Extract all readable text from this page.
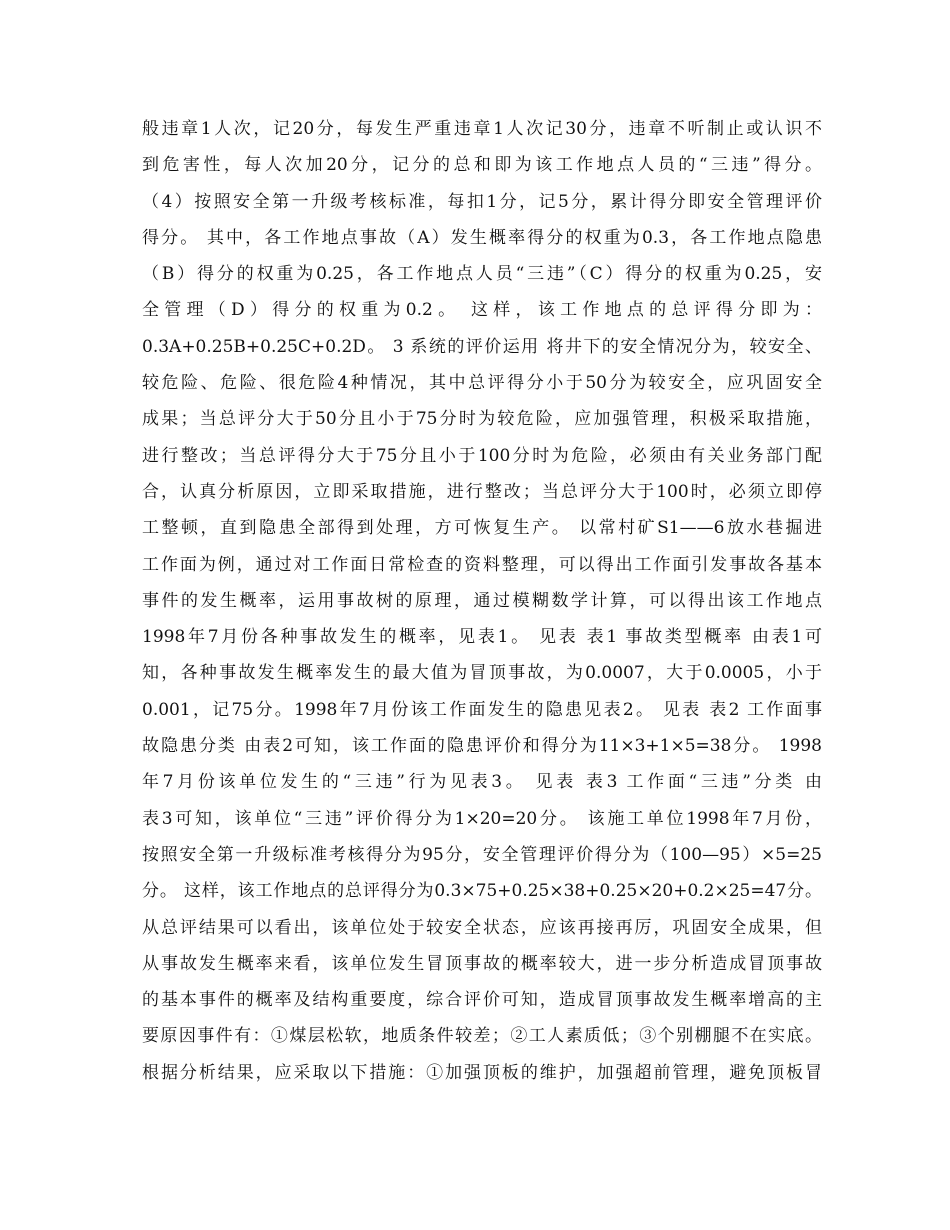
般违章1人次，记20分，每发生严重违章1人次记30分，违章不听制止或认识不
到危害性，每人次加20分，记分的总和即为该工作地点人员的“三违”得分。
（4）按照安全第一升级考核标准，每扣1分，记5分，累计得分即安全管理评价
得分。 其中，各工作地点事故（A）发生概率得分的权重为0.3，各工作地点隐患
（B）得分的权重为0.25，各工作地点人员“三违”（C）得分的权重为0.25，安
全管理（D）得分的权重为0.2。 这样，该工作地点的总评得分即为：
0.3A+0.25B+0.25C+0.2D。 3 系统的评价运用 将井下的安全情况分为，较安全、
较危险、危险、很危险4种情况，其中总评得分小于50分为较安全，应巩固安全
成果；当总评分大于50分且小于75分时为较危险，应加强管理，积极采取措施，
进行整改；当总评得分大于75分且小于100分时为危险，必须由有关业务部门配
合，认真分析原因，立即采取措施，进行整改；当总评分大于100时，必须立即停
工整顿，直到隐患全部得到处理，方可恢复生产。 以常村矿S1——6放水巷掘进
工作面为例，通过对工作面日常检查的资料整理，可以得出工作面引发事故各基本
事件的发生概率，运用事故树的原理，通过模糊数学计算，可以得出该工作地点
1998年7月份各种事故发生的概率，见表1。 见表 表1 事故类型概率 由表1可
知，各种事故发生概率发生的最大值为冒顶事故，为0.0007，大于0.0005，小于
0.001，记75分。1998年7月份该工作面发生的隐患见表2。 见表 表2 工作面事
故隐患分类 由表2可知，该工作面的隐患评价和得分为11×3+1×5=38分。 1998
年7月份该单位发生的“三违”行为见表3。 见表 表3 工作面“三违”分类 由
表3可知，该单位“三违”评价得分为1×20=20分。 该施工单位1998年7月份，
按照安全第一升级标准考核得分为95分，安全管理评价得分为（100—95）×5=25
分。 这样，该工作地点的总评得分为0.3×75+0.25×38+0.25×20+0.2×25=47分。
从总评结果可以看出，该单位处于较安全状态，应该再接再厉，巩固安全成果，但
从事故发生概率来看，该单位发生冒顶事故的概率较大，进一步分析造成冒顶事故
的基本事件的概率及结构重要度，综合评价可知，造成冒顶事故发生概率增高的主
要原因事件有：①煤层松软，地质条件较差；②工人素质低；③个别棚腿不在实底。
根据分析结果，应采取以下措施：①加强顶板的维护，加强超前管理，避免顶板冒
